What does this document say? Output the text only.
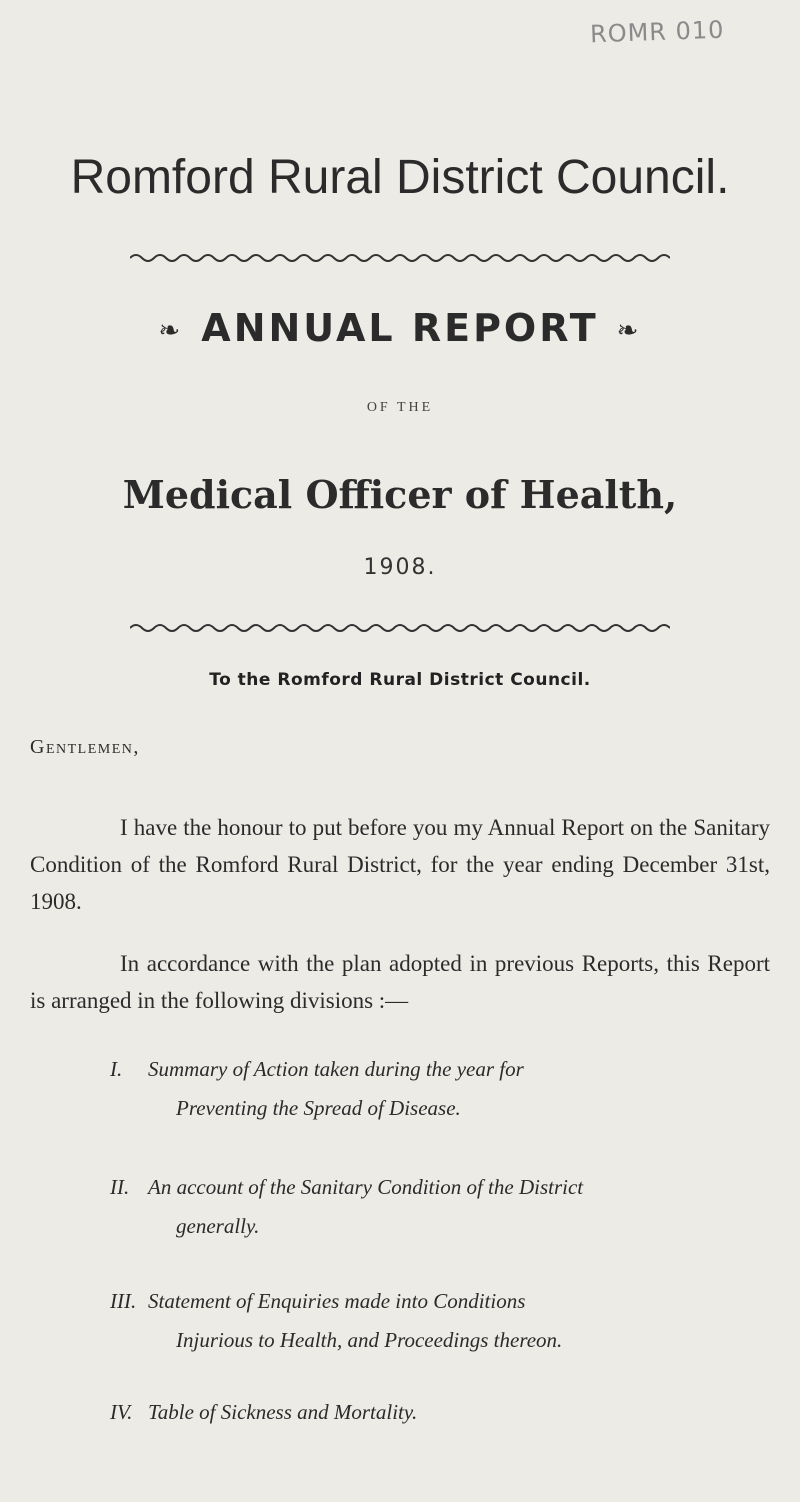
ROMR 010
Romford Rural District Council.
❧ ANNUAL REPORT ❧
OF THE
Medical Officer of Health,
1908.
To the Romford Rural District Council.
Gentlemen,
I have the honour to put before you my Annual Report on the Sanitary Condition of the Romford Rural District, for the year ending December 31st, 1908.
In accordance with the plan adopted in previous Reports, this Report is arranged in the following divisions :—
I. Summary of Action taken during the year for
Preventing the Spread of Disease.
II. An account of the Sanitary Condition of the District
generally.
III. Statement of Enquiries made into Conditions
Injurious to Health, and Proceedings thereon.
IV. Table of Sickness and Mortality.
